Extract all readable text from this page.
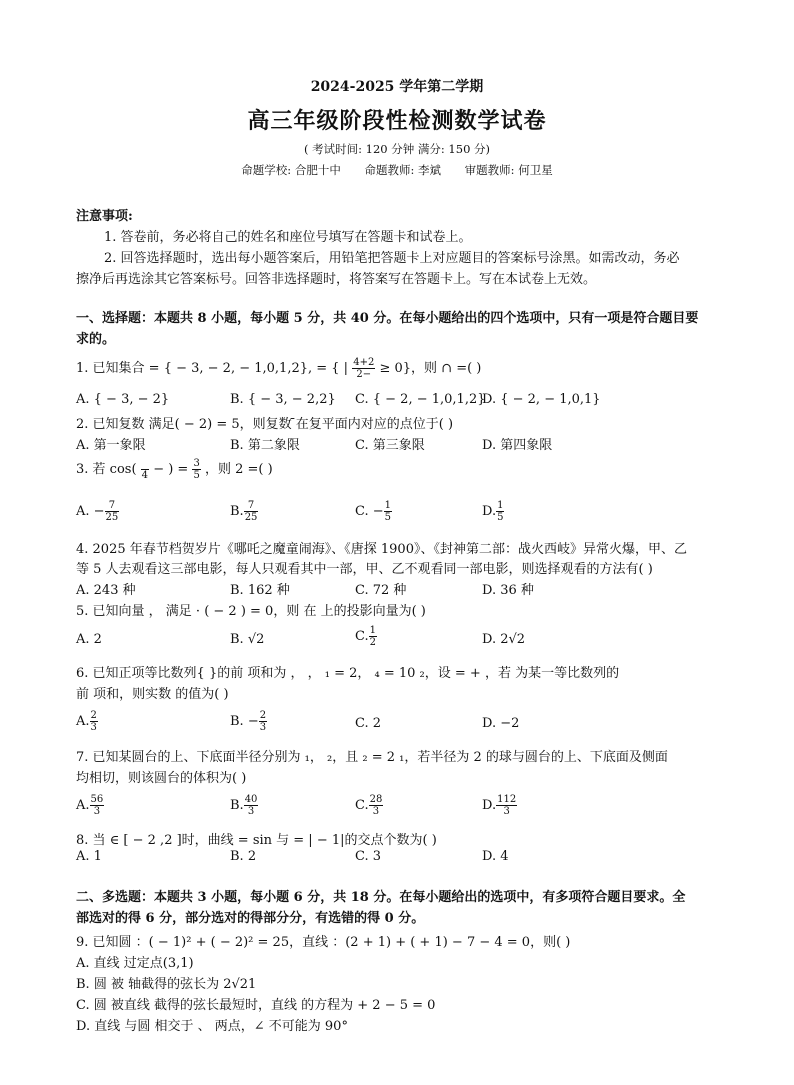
2024-2025 学年第二学期
高三年级阶段性检测数学试卷
( 考试时间: 120 分钟 满分: 150 分)
命题学校: 合肥十中 命题教师: 李斌 审题教师: 何卫星
注意事项:
1. 答卷前，务必将自己的姓名和座位号填写在答题卡和试卷上。
2. 回答选择题时，选出每小题答案后，用铅笔把答题卡上对应题目的答案标号涂黑。如需改动，务必
擦净后再选涂其它答案标号。回答非选择题时，将答案写在答题卡上。写在本试卷上无效。
一、选择题：本题共 8 小题，每小题 5 分，共 40 分。在每小题给出的四个选项中，只有一项是符合题目要
求的。
1. 已知集合 = { − 3, − 2, − 1,0,1,2}, = { | $\frac{4+2}{2-} \ge 0$}，则 ∩ =( )
A. { − 3, − 2}	B. { − 3, − 2,2} C. { − 2, − 1,0,1,2}
D. { − 2, − 1,0,1}
2. 已知复数 满足( − 2) = 5，则复数 ̄在复平面内对应的点位于( )
A. 第一象限	B. 第二象限	C. 第三象限	D. 第四象限
3. 若 cos(
4 − ) = $\frac{3}{5}$ ，则 2 =( )
A. − $\frac{7}{25}$	B. $\frac{7}{25}$	C. − $\frac{1}{5}$	D. $\frac{1}{5}$
4. 2025 年春节档贺岁片《哪吒之魔童闹海》、《唐探 1900》、《封神第二部：战火西岐》异常火爆，甲、乙
等 5 人去观看这三部电影，每人只观看其中一部，甲、乙不观看同一部电影，则选择观看的方法有( )
A. 243 种	B. 162 种	C. 72 种	D. 36 种
5. 已知向量 ， 满足 · ( − 2 ) = 0，则 在 上的投影向量为( )
A. 2	B. √2	C. $\frac{1}{2}$	D. 2√2
6. 已知正项等比数列{ }的前 项和为 ， ， ₁ = 2， ₄ = 10 ₂，设 = + ，若 为某一等比数列的
前 项和，则实数 的值为( )
A. $\frac{2}{3}$	B. − $\frac{2}{3}$	C. 2	D. −2
7. 已知某圆台的上、下底面半径分别为 ₁， ₂，且 ₂ = 2 ₁，若半径为 2 的球与圆台的上、下底面及侧面
均相切，则该圆台的体积为( )
A. $\frac{56}{3}$	B. $\frac{40}{3}$	C. $\frac{28}{3}$	D. $\frac{112}{3}$
8. 当 ∈ [ − 2 ,2 ]时，曲线 = sin 与 = | − 1|的交点个数为( )
A. 1	B. 2	C. 3	D. 4
二、多选题：本题共 3 小题，每小题 6 分，共 18 分。在每小题给出的选项中，有多项符合题目要求。全
部选对的得 6 分，部分选对的得部分分，有选错的得 0 分。
9. 已知圆 ：( − 1)² + ( − 2)² = 25，直线 ：(2 + 1) + ( + 1) − 7 − 4 = 0，则( )
A. 直线 过定点(3,1)
B. 圆 被 轴截得的弦长为 2√21
C. 圆 被直线 截得的弦长最短时，直线 的方程为 + 2 − 5 = 0
D. 直线 与圆 相交于 、 两点，∠ 不可能为 90°
